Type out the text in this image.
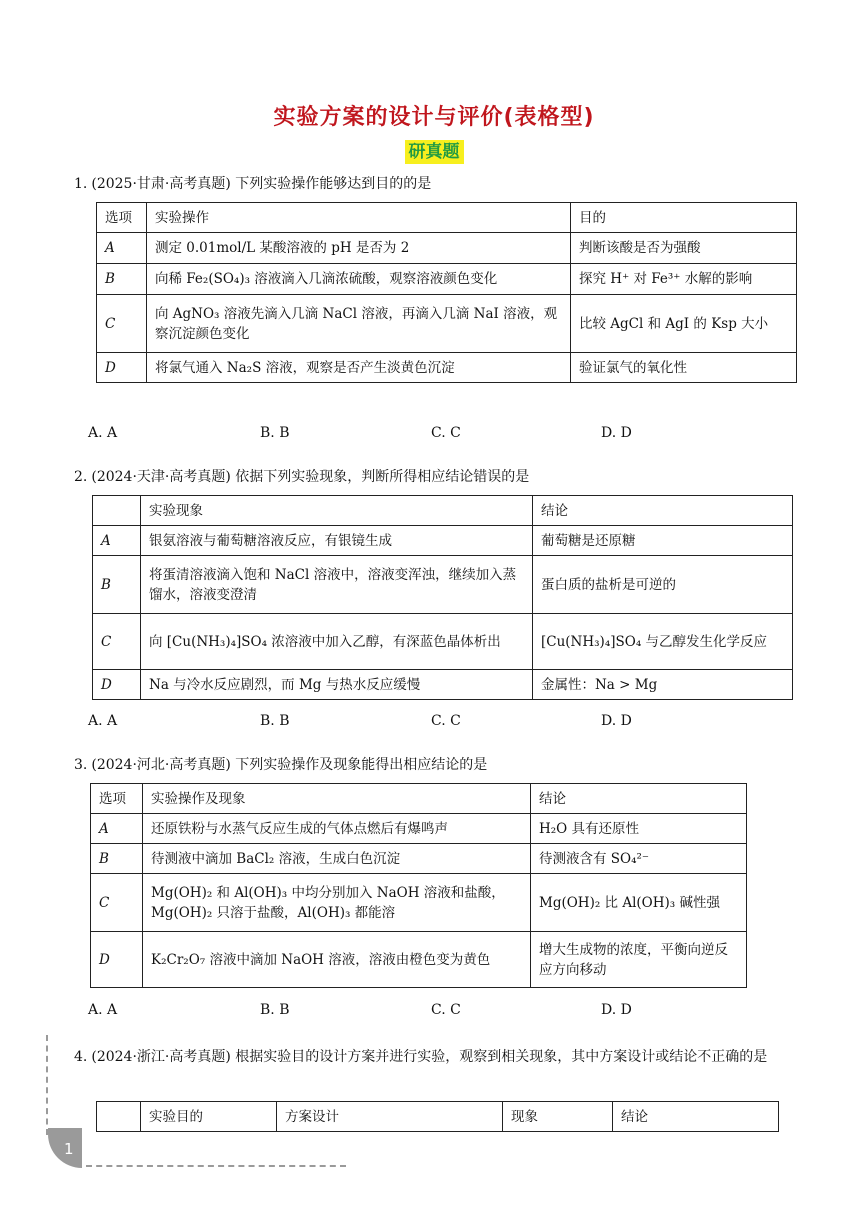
实验方案的设计与评价(表格型)
研真题
1. (2025·甘肃·高考真题) 下列实验操作能够达到目的的是
选项	实验操作	目的
A	测定 0.01mol/L 某酸溶液的 pH 是否为 2	判断该酸是否为强酸
B	向稀 Fe₂(SO₄)₃ 溶液滴入几滴浓硫酸，观察溶液颜色变化	探究 H⁺ 对 Fe³⁺ 水解的影响
C	向 AgNO₃ 溶液先滴入几滴 NaCl 溶液，再滴入几滴 NaI 溶液，观察沉淀颜色变化	比较 AgCl 和 AgI 的 Ksp 大小
D	将氯气通入 Na₂S 溶液，观察是否产生淡黄色沉淀	验证氯气的氧化性
A. A	B. B	C. C	D. D
2. (2024·天津·高考真题) 依据下列实验现象，判断所得相应结论错误的是
	实验现象	结论
A	银氨溶液与葡萄糖溶液反应，有银镜生成	葡萄糖是还原糖
B	将蛋清溶液滴入饱和 NaCl 溶液中，溶液变浑浊，继续加入蒸馏水，溶液变澄清	蛋白质的盐析是可逆的
C	向 [Cu(NH₃)₄]SO₄ 浓溶液中加入乙醇，有深蓝色晶体析出	[Cu(NH₃)₄]SO₄ 与乙醇发生化学反应
D	Na 与冷水反应剧烈，而 Mg 与热水反应缓慢	金属性：Na > Mg
A. A	B. B	C. C	D. D
3. (2024·河北·高考真题) 下列实验操作及现象能得出相应结论的是
选项	实验操作及现象	结论
A	还原铁粉与水蒸气反应生成的气体点燃后有爆鸣声	H₂O 具有还原性
B	待测液中滴加 BaCl₂ 溶液，生成白色沉淀	待测液含有 SO₄²⁻
C	Mg(OH)₂ 和 Al(OH)₃ 中均分别加入 NaOH 溶液和盐酸，Mg(OH)₂ 只溶于盐酸，Al(OH)₃ 都能溶	Mg(OH)₂ 比 Al(OH)₃ 碱性强
D	K₂Cr₂O₇ 溶液中滴加 NaOH 溶液，溶液由橙色变为黄色	增大生成物的浓度，平衡向逆反应方向移动
A. A	B. B	C. C	D. D
4. (2024·浙江·高考真题) 根据实验目的设计方案并进行实验，观察到相关现象，其中方案设计或结论不正确的是
	实验目的	方案设计	现象	结论
1
